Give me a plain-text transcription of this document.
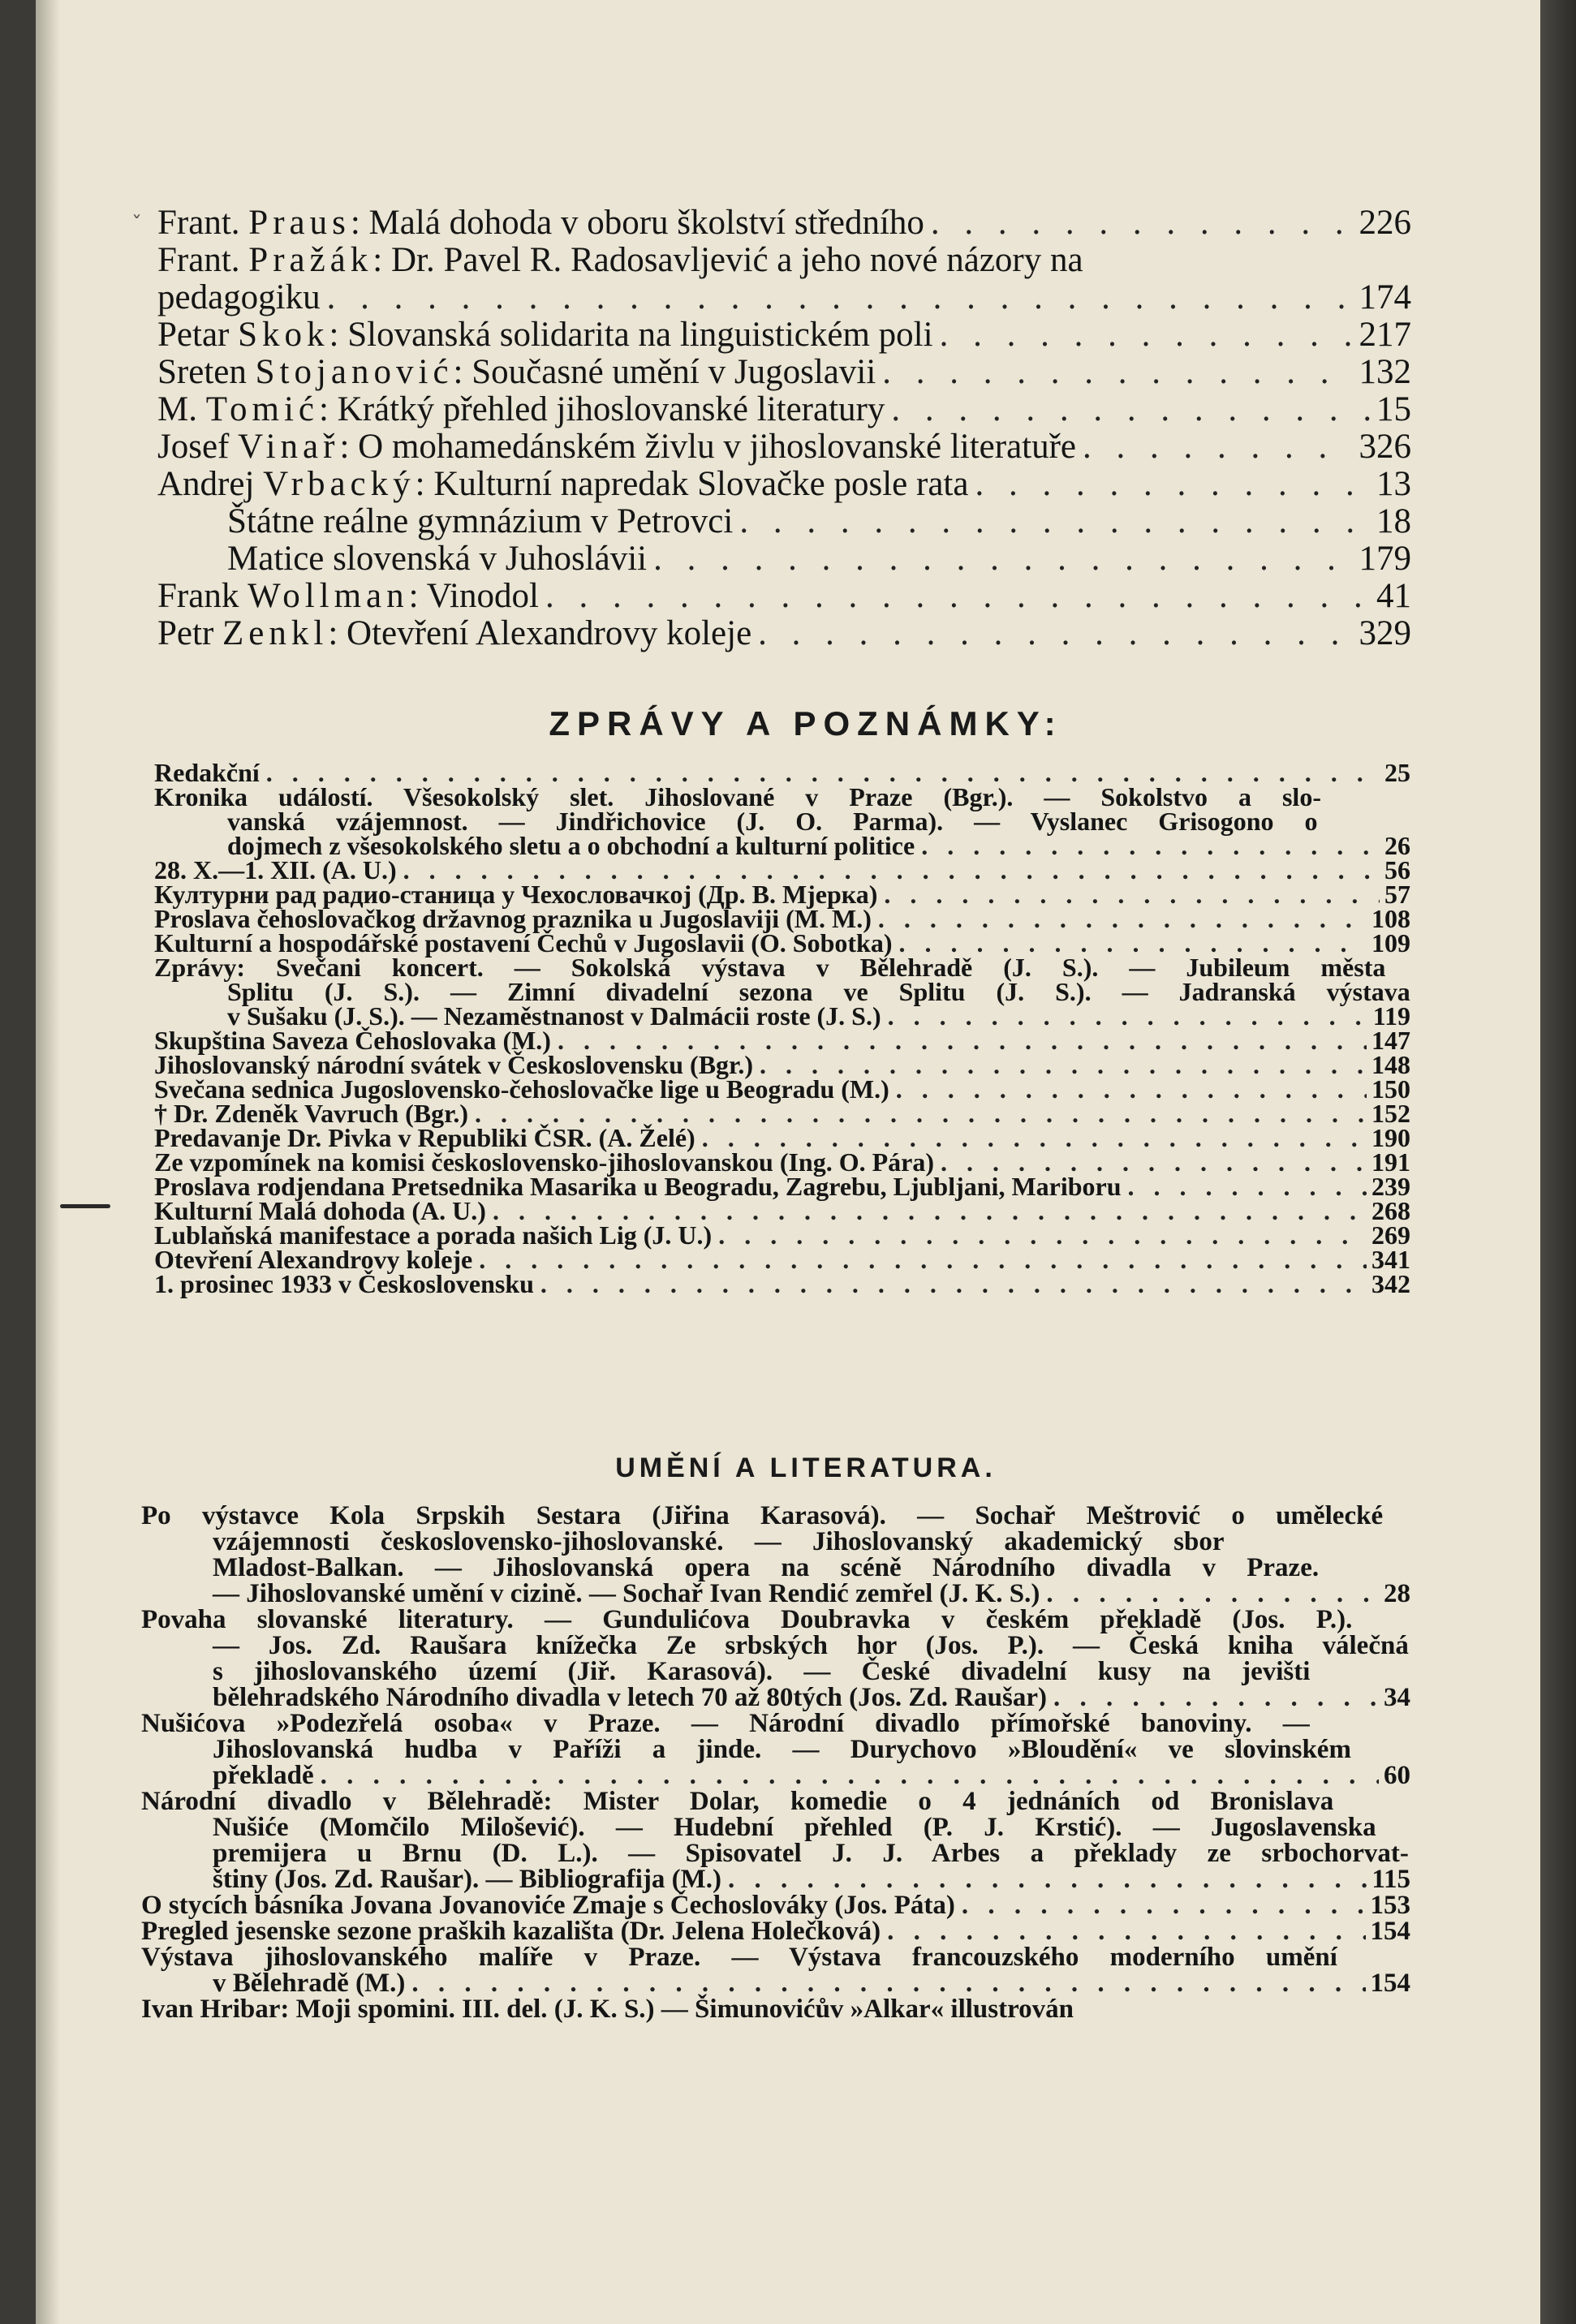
ˇ Frant. Praus: Malá dohoda v oboru školství středního . . .	226
Frant. Pražák: Dr. Pavel R. Radosavljević a jeho nové názory na
pedagogiku . . .	174
Petar Skok: Slovanská solidarita na linguistickém poli . . .	217
Sreten Stojanović: Současné umění v Jugoslavii . . .	132
M. Tomić: Krátký přehled jihoslovanské literatury . . .	15
Josef Vinař: O mohamedánském živlu v jihoslovanské literatuře . . .	326
Andrej Vrbacký: Kulturní napredak Slovačke posle rata . . .	13
Štátne reálne gymnázium v Petrovci . . .	18
Matice slovenská v Juhoslávii . . .	179
Frank Wollman: Vinodol . . .	41
Petr Zenkl: Otevření Alexandrovy koleje . . .	329
ZPRÁVY A POZNÁMKY:
Redakční . . .	25
Kronika událostí. Všesokolský slet. Jihoslované v Praze (Bgr.). — Sokolstvo a slo-
vanská vzájemnost. — Jindřichovice (J. O. Parma). — Vyslanec Grisogono o
dojmech z všesokolského sletu a o obchodní a kulturní politice . . .	26
28. X.—1. XII. (A. U.) . . .	56
Културни рад радио-станица у Чехословачкој (Др. В. Мјерка) . . .	57
Proslava čehoslovačkog državnog praznika u Jugoslaviji (M. M.) . . .	108
Kulturní a hospodářské postavení Čechů v Jugoslavii (O. Sobotka) . . .	109
Zprávy: Svečani koncert. — Sokolská výstava v Bělehradě (J. S.). — Jubileum města
Splitu (J. S.). — Zimní divadelní sezona ve Splitu (J. S.). — Jadranská výstava
v Sušaku (J. S.). — Nezaměstnanost v Dalmácii roste (J. S.) . . .	119
Skupština Saveza Čehoslovaka (M.) . . .	147
Jihoslovanský národní svátek v Československu (Bgr.) . . .	148
Svečana sednica Jugoslovensko-čehoslovačke lige u Beogradu (M.) . . .	150
† Dr. Zdeněk Vavruch (Bgr.) . . .	152
Predavanje Dr. Pivka v Republiki ČSR. (A. Želé) . . .	190
Ze vzpomínek na komisi československo-jihoslovanskou (Ing. O. Pára) . . .	191
Proslava rodjendana Pretsednika Masarika u Beogradu, Zagrebu, Ljubljani, Mariboru . . .	239
Kulturní Malá dohoda (A. U.) . . .	268
Lublaňská manifestace a porada našich Lig (J. U.) . . .	269
Otevření Alexandrovy koleje . . .	341
1. prosinec 1933 v Československu . . .	342
UMĚNÍ A LITERATURA.
Po výstavce Kola Srpskih Sestara (Jiřina Karasová). — Sochař Meštrović o umělecké
vzájemnosti československo-jihoslovanské. — Jihoslovanský akademický sbor
Mladost-Balkan. — Jihoslovanská opera na scéně Národního divadla v Praze.
— Jihoslovanské umění v cizině. — Sochař Ivan Rendić zemřel (J. K. S.) . . .	28
Povaha slovanské literatury. — Gundulićova Doubravka v českém překladě (Jos. P.).
— Jos. Zd. Raušara knížečka Ze srbských hor (Jos. P.). — Česká kniha válečná
s jihoslovanského území (Jiř. Karasová). — České divadelní kusy na jevišti
bělehradského Národního divadla v letech 70 až 80tých (Jos. Zd. Raušar) . . .	34
Nušićova »Podezřelá osoba« v Praze. — Národní divadlo přímořské banoviny. —
Jihoslovanská hudba v Paříži a jinde. — Durychovo »Bloudění« ve slovinském
překladě . . .	60
Národní divadlo v Bělehradě: Mister Dolar, komedie o 4 jednáních od Bronislava
Nušiće (Momčilo Milošević). — Hudební přehled (P. J. Krstić). — Jugoslavenska
premijera u Brnu (D. L.). — Spisovatel J. J. Arbes a překlady ze srbochorvat-
štiny (Jos. Zd. Raušar). — Bibliografija (M.) . . .	115
O stycích básníka Jovana Jovanoviće Zmaje s Čechoslováky (Jos. Páta) . . .	153
Pregled jesenske sezone praških kazališta (Dr. Jelena Holečková) . . .	154
Výstava jihoslovanského malíře v Praze. — Výstava francouzského moderního umění
v Bělehradě (M.) . . .	154
Ivan Hribar: Moji spomini. III. del. (J. K. S.) — Šimunovićův »Alkar« illustrován
